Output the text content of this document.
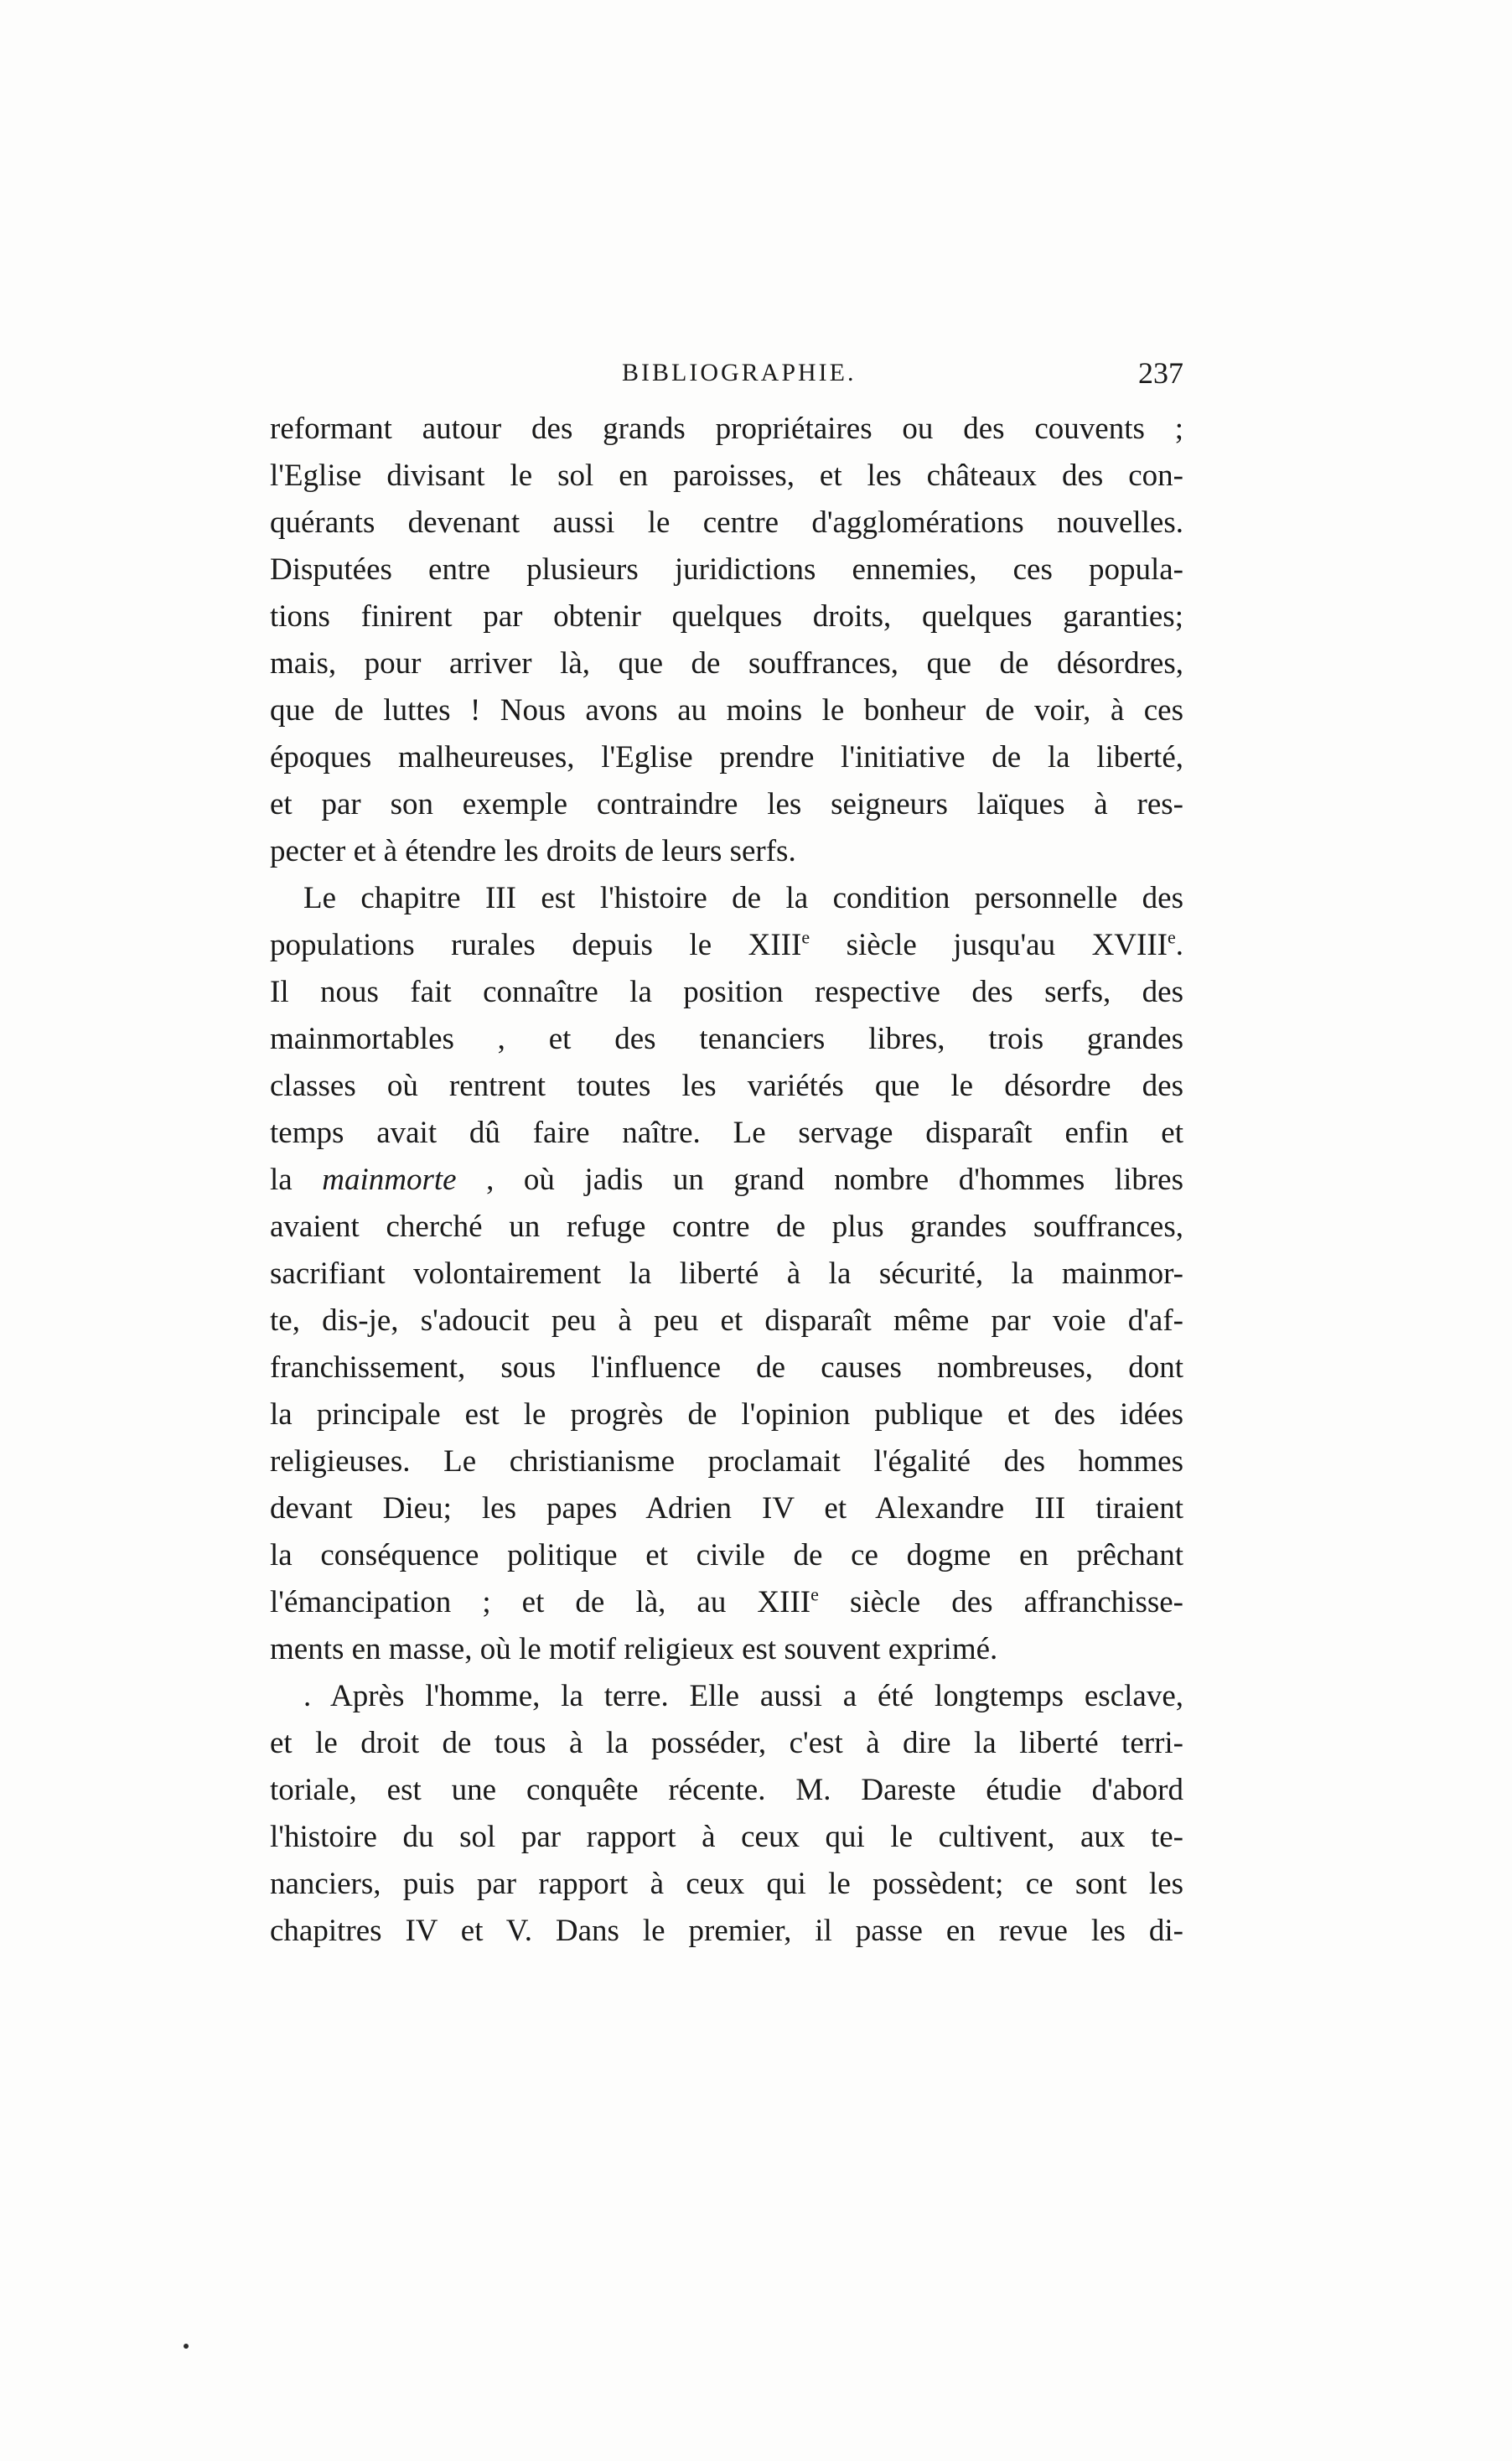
BIBLIOGRAPHIE.	237
reformant autour des grands propriétaires ou des couvents ;
l'Eglise divisant le sol en paroisses, et les châteaux des con-
quérants devenant aussi le centre d'agglomérations nouvelles.
Disputées entre plusieurs juridictions ennemies, ces popula-
tions finirent par obtenir quelques droits, quelques garanties;
mais, pour arriver là, que de souffrances, que de désordres,
que de luttes ! Nous avons au moins le bonheur de voir, à ces
époques malheureuses, l'Eglise prendre l'initiative de la liberté,
et par son exemple contraindre les seigneurs laïques à res-
pecter et à étendre les droits de leurs serfs.
Le chapitre III est l'histoire de la condition personnelle des
populations rurales depuis le XIIIe siècle jusqu'au XVIIIe.
Il nous fait connaître la position respective des serfs, des
mainmortables , et des tenanciers libres, trois grandes
classes où rentrent toutes les variétés que le désordre des
temps avait dû faire naître. Le servage disparaît enfin et
la mainmorte , où jadis un grand nombre d'hommes libres
avaient cherché un refuge contre de plus grandes souffrances,
sacrifiant volontairement la liberté à la sécurité, la mainmor-
te, dis-je, s'adoucit peu à peu et disparaît même par voie d'af-
franchissement, sous l'influence de causes nombreuses, dont
la principale est le progrès de l'opinion publique et des idées
religieuses. Le christianisme proclamait l'égalité des hommes
devant Dieu; les papes Adrien IV et Alexandre III tiraient
la conséquence politique et civile de ce dogme en prêchant
l'émancipation ; et de là, au XIIIe siècle des affranchisse-
ments en masse, où le motif religieux est souvent exprimé.
. Après l'homme, la terre. Elle aussi a été longtemps esclave,
et le droit de tous à la posséder, c'est à dire la liberté terri-
toriale, est une conquête récente. M. Dareste étudie d'abord
l'histoire du sol par rapport à ceux qui le cultivent, aux te-
nanciers, puis par rapport à ceux qui le possèdent; ce sont les
chapitres IV et V. Dans le premier, il passe en revue les di-
